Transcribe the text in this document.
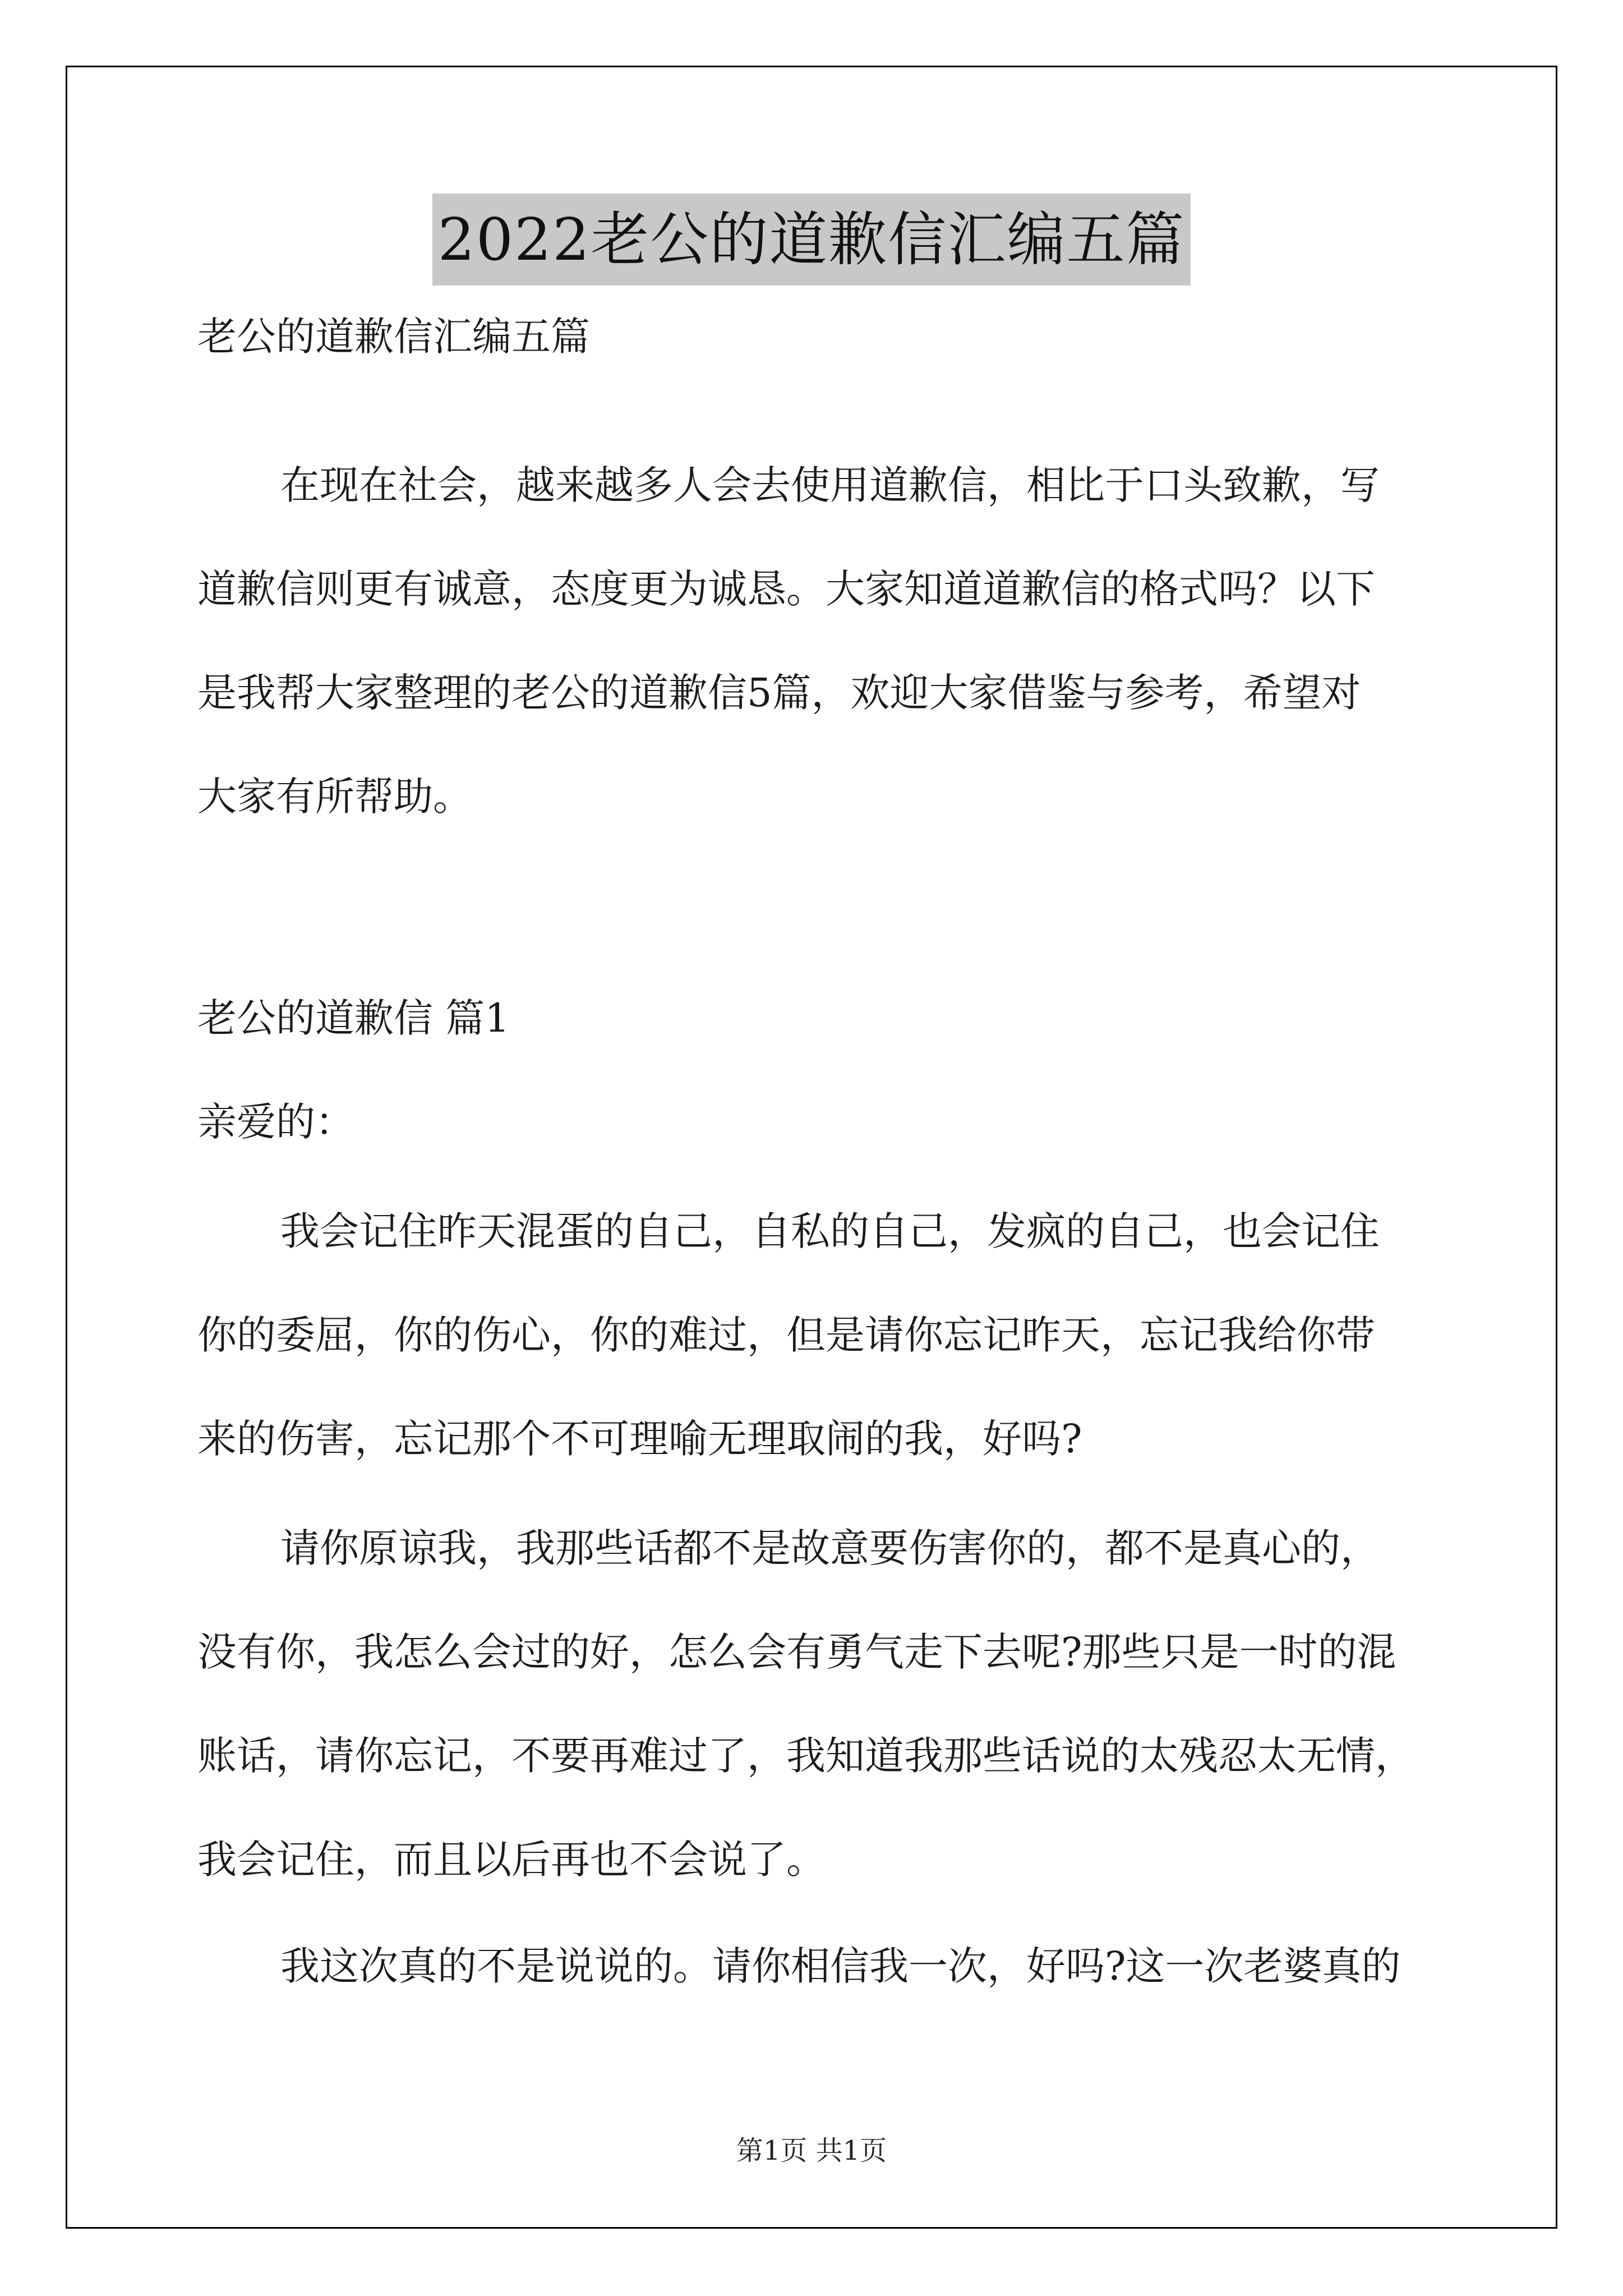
2022老公的道歉信汇编五篇

老公的道歉信汇编五篇

在现在社会，越来越多人会去使用道歉信，相比于口头致歉，写

道歉信则更有诚意，态度更为诚恳。大家知道道歉信的格式吗？以下

是我帮大家整理的老公的道歉信5篇，欢迎大家借鉴与参考，希望对

大家有所帮助。

老公的道歉信 篇1

亲爱的：

我会记住昨天混蛋的自己，自私的自己，发疯的自己，也会记住

你的委屈，你的伤心，你的难过，但是请你忘记昨天，忘记我给你带

来的伤害，忘记那个不可理喻无理取闹的我，好吗?

请你原谅我，我那些话都不是故意要伤害你的，都不是真心的，

没有你，我怎么会过的好，怎么会有勇气走下去呢?那些只是一时的混

账话，请你忘记，不要再难过了，我知道我那些话说的太残忍太无情，

我会记住，而且以后再也不会说了。

我这次真的不是说说的。请你相信我一次，好吗?这一次老婆真的

第1页 共1页
